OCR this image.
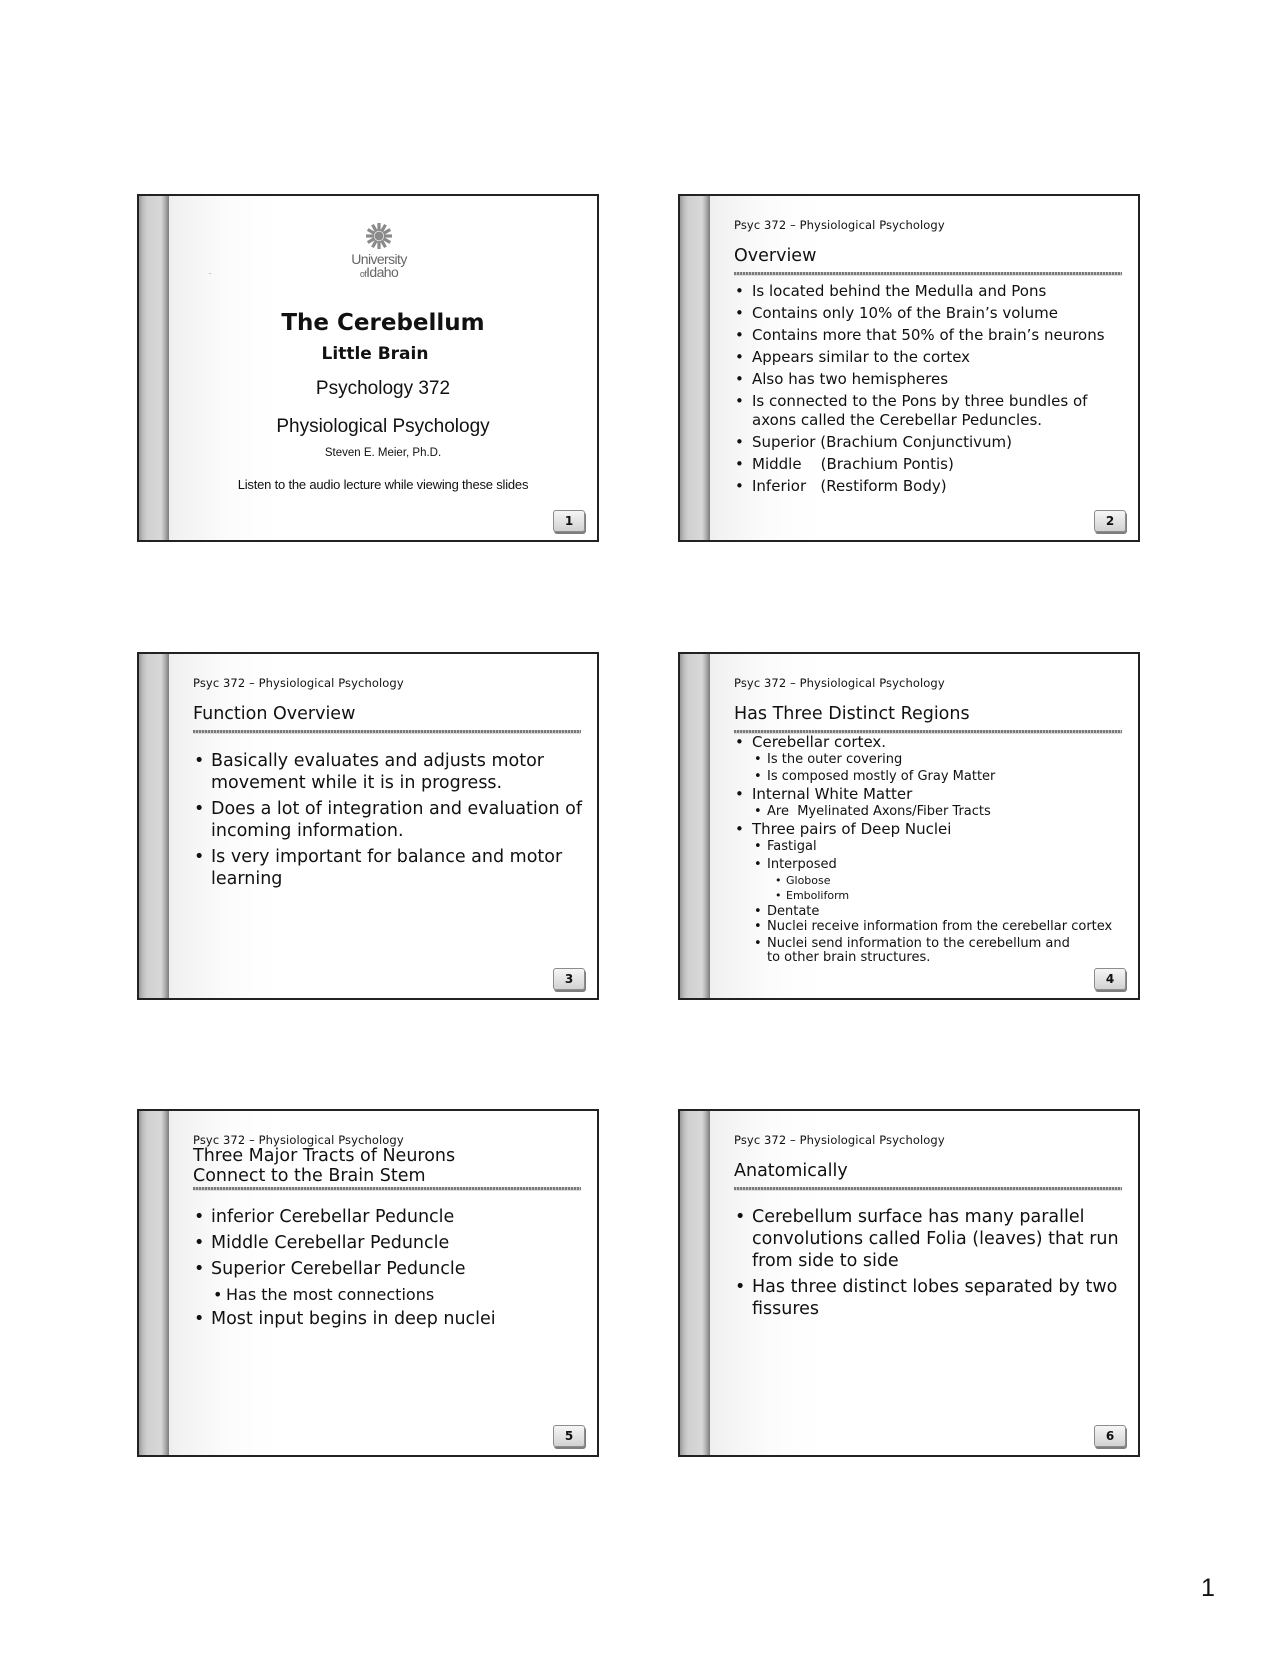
University
ofIdaho
.
The Cerebellum
Little Brain
Psychology 372
Physiological Psychology
Steven E. Meier, Ph.D.
Listen to the audio lecture while viewing these slides
1
Psyc 372 – Physiological Psychology
Overview
• Is located behind the Medulla and Pons
• Contains only 10% of the Brain’s volume
• Contains more that 50% of the brain’s neurons
• Appears similar to the cortex
• Also has two hemispheres
• Is connected to the Pons by three bundles of axons called the Cerebellar Peduncles.
• Superior (Brachium Conjunctivum)
• Middle    (Brachium Pontis)
• Inferior   (Restiform Body)
2
Psyc 372 – Physiological Psychology
Function Overview
• Basically evaluates and adjusts motor movement while it is in progress.
• Does a lot of integration and evaluation of incoming information.
• Is very important for balance and motor learning
3
Psyc 372 – Physiological Psychology
Has Three Distinct Regions
• Cerebellar cortex.
• Is the outer covering
• Is composed mostly of Gray Matter
• Internal White Matter
• Are  Myelinated Axons/Fiber Tracts
• Three pairs of Deep Nuclei
• Fastigal
• Interposed
• Globose
• Emboliform
• Dentate
• Nuclei receive information from the cerebellar cortex
• Nuclei send information to the cerebellum and to other brain structures.
4
Psyc 372 – Physiological Psychology
Three Major Tracts of Neurons
Connect to the Brain Stem
• inferior Cerebellar Peduncle
• Middle Cerebellar Peduncle
• Superior Cerebellar Peduncle
• Has the most connections
• Most input begins in deep nuclei
5
Psyc 372 – Physiological Psychology
Anatomically
• Cerebellum surface has many parallel convolutions called Folia (leaves) that run from side to side
• Has three distinct lobes separated by two fissures
6
1
